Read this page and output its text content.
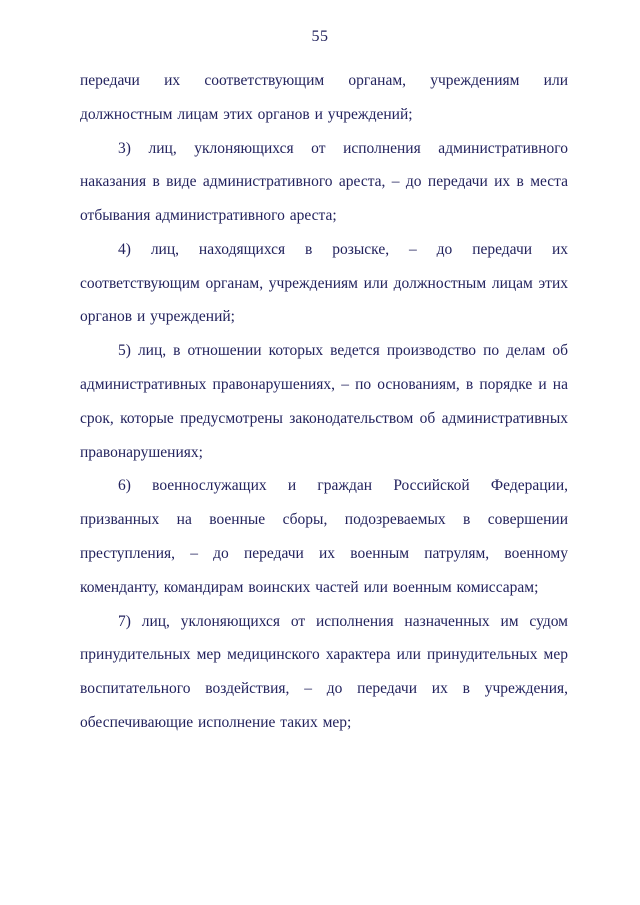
55

передачи их соответствующим органам, учреждениям или должностным лицам этих органов и учреждений;

3) лиц, уклоняющихся от исполнения административного наказания в виде административного ареста, – до передачи их в места отбывания административного ареста;

4) лиц, находящихся в розыске, – до передачи их соответствующим органам, учреждениям или должностным лицам этих органов и учреждений;

5) лиц, в отношении которых ведется производство по делам об административных правонарушениях, – по основаниям, в порядке и на срок, которые предусмотрены законодательством об административных правонарушениях;

6) военнослужащих и граждан Российской Федерации, призванных на военные сборы, подозреваемых в совершении преступления, – до передачи их военным патрулям, военному коменданту, командирам воинских частей или военным комиссарам;

7) лиц, уклоняющихся от исполнения назначенных им судом принудительных мер медицинского характера или принудительных мер воспитательного воздействия, – до передачи их в учреждения, обеспечивающие исполнение таких мер;
